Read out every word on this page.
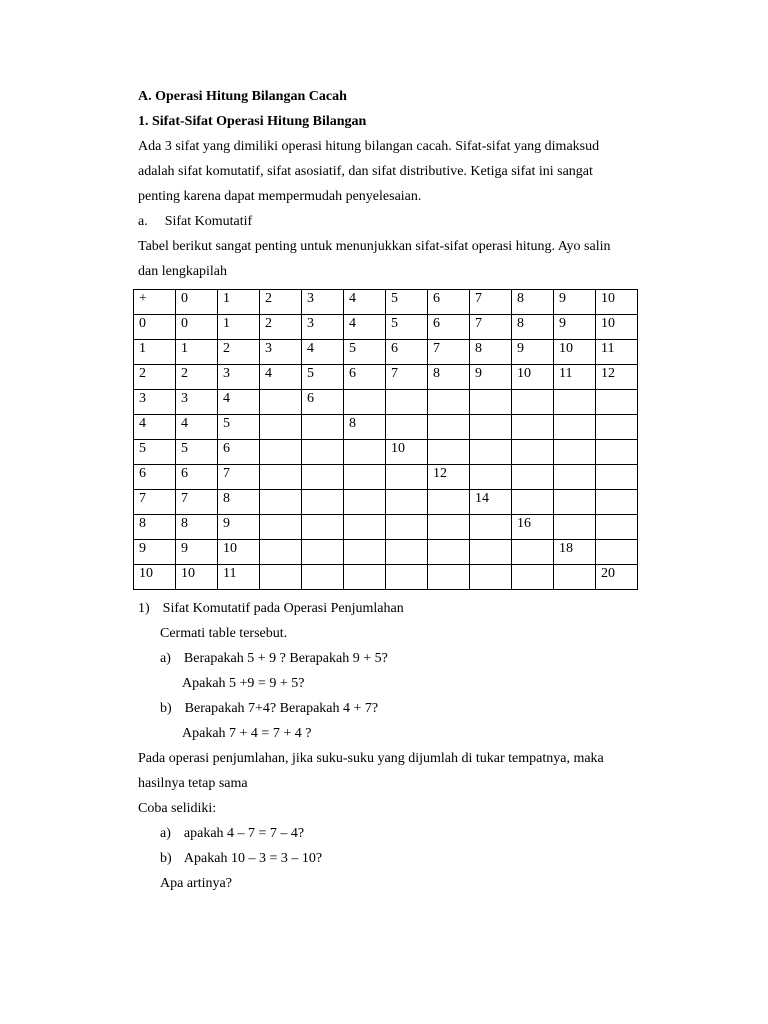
A. Operasi Hitung Bilangan Cacah
1. Sifat-Sifat Operasi Hitung Bilangan
Ada 3 sifat yang dimiliki operasi hitung bilangan cacah. Sifat-sifat yang dimaksud
adalah sifat komutatif, sifat asosiatif, dan sifat distributive. Ketiga sifat ini sangat
penting karena dapat mempermudah penyelesaian.
a. Sifat Komutatif
Tabel berikut sangat penting untuk menunjukkan sifat-sifat operasi hitung. Ayo salin
dan lengkapilah
+	0	1	2	3	4	5	6	7	8	9	10
0	0	1	2	3	4	5	6	7	8	9	10
1	1	2	3	4	5	6	7	8	9	10	11
2	2	3	4	5	6	7	8	9	10	11	12
3	3	4		6							
4	4	5			8						
5	5	6				10					
6	6	7					12				
7	7	8						14			
8	8	9							16		
9	9	10								18	
10	10	11									20
1) Sifat Komutatif pada Operasi Penjumlahan
Cermati table tersebut.
a) Berapakah 5 + 9 ? Berapakah 9 + 5?
Apakah 5 +9 = 9 + 5?
b) Berapakah 7+4? Berapakah 4 + 7?
Apakah 7 + 4 = 7 + 4 ?
Pada operasi penjumlahan, jika suku-suku yang dijumlah di tukar tempatnya, maka
hasilnya tetap sama
Coba selidiki:
a) apakah 4 – 7 = 7 – 4?
b) Apakah 10 – 3 = 3 – 10?
Apa artinya?
